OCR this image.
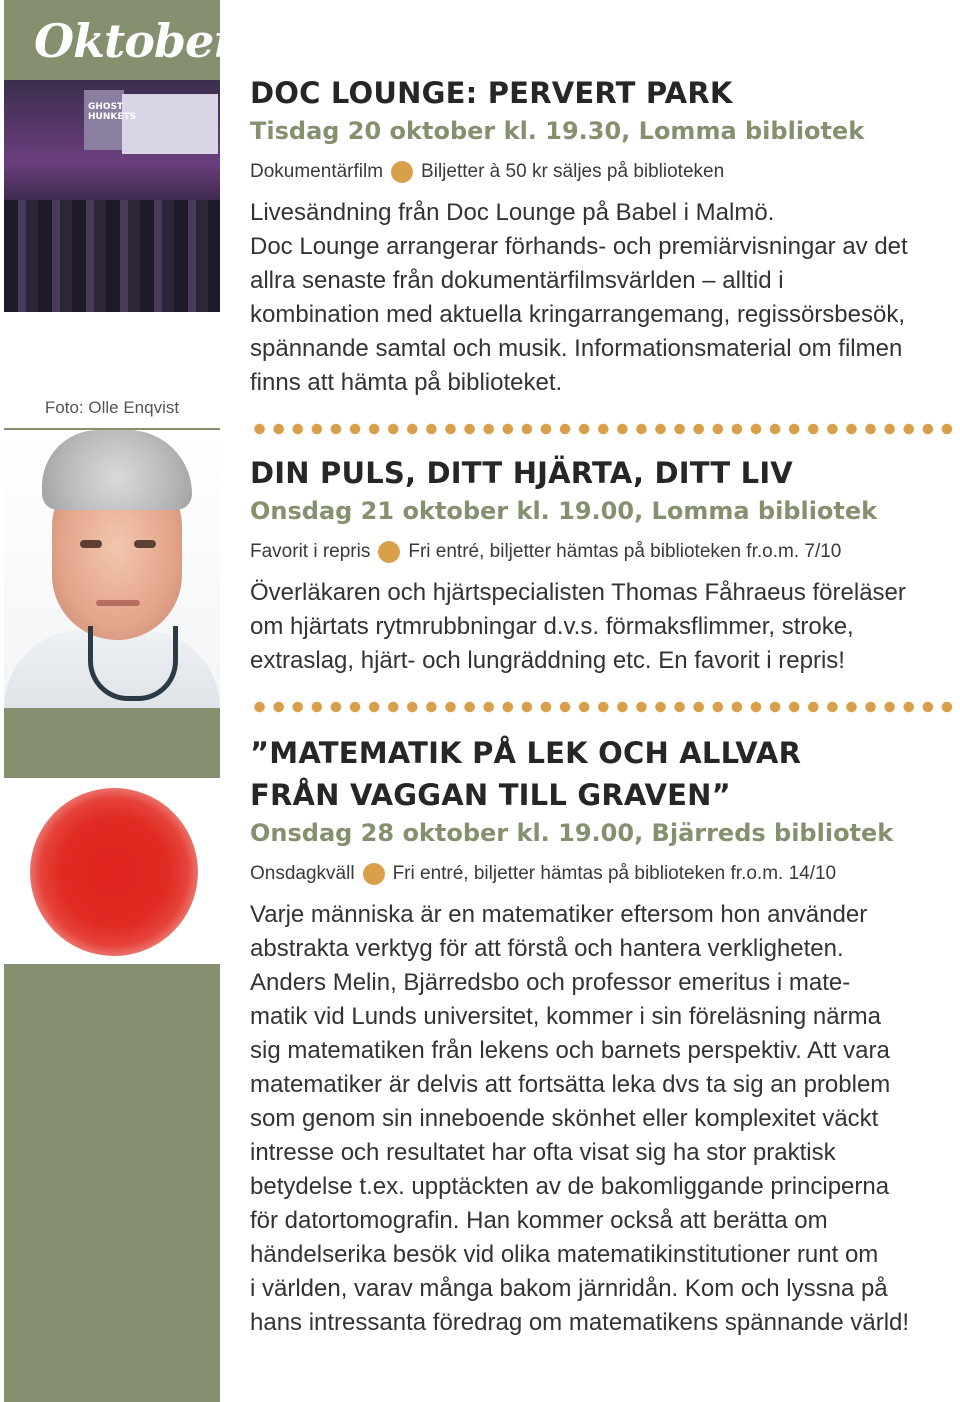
Oktober
GHOST
HUNKETS
Foto: Olle Enqvist
DOC LOUNGE: PERVERT PARK

Tisdag 20 oktober kl. 19.30, Lomma bibliotek

Dokumentärfilm Biljetter à 50 kr säljes på biblioteken
Livesändning från Doc Lounge på Babel i Malmö.
Doc Lounge arrangerar förhands- och premiärvisningar av det
allra senaste från dokumentärfilmsvärlden – alltid i
kombination med aktuella kringarrangemang, regissörsbesök,
spännande samtal och musik. Informationsmaterial om filmen
finns att hämta på biblioteket.
DIN PULS, DITT HJÄRTA, DITT LIV

Onsdag 21 oktober kl. 19.00, Lomma bibliotek

Favorit i repris Fri entré, biljetter hämtas på biblioteken fr.o.m. 7/10
Överläkaren och hjärtspecialisten Thomas Fåhraeus föreläser
om hjärtats rytmrubbningar d.v.s. förmaksflimmer, stroke,
extraslag, hjärt- och lungräddning etc. En favorit i repris!
”MATEMATIK PÅ LEK OCH ALLVAR
FRÅN VAGGAN TILL GRAVEN”

Onsdag 28 oktober kl. 19.00, Bjärreds bibliotek

Onsdagkväll Fri entré, biljetter hämtas på biblioteken fr.o.m. 14/10
Varje människa är en matematiker eftersom hon använder
abstrakta verktyg för att förstå och hantera verkligheten.
Anders Melin, Bjärredsbo och professor emeritus i mate-
matik vid Lunds universitet, kommer i sin föreläsning närma
sig matematiken från lekens och barnets perspektiv. Att vara
matematiker är delvis att fortsätta leka dvs ta sig an problem
som genom sin inneboende skönhet eller komplexitet väckt
intresse och resultatet har ofta visat sig ha stor praktisk
betydelse t.ex. upptäckten av de bakomliggande principerna
för datortomografin. Han kommer också att berätta om
händelserika besök vid olika matematikinstitutioner runt om
i världen, varav många bakom järnridån. Kom och lyssna på
hans intressanta föredrag om matematikens spännande värld!
